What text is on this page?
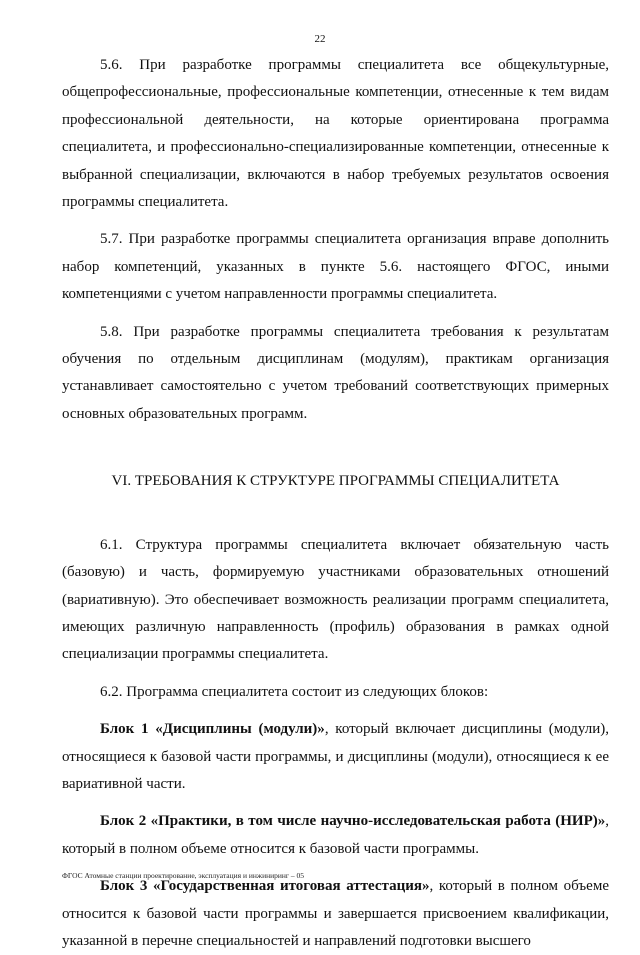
22

5.6. При разработке программы специалитета все общекультурные, общепрофессиональные, профессиональные компетенции, отнесенные к тем видам профессиональной деятельности, на которые ориентирована программа специалитета, и профессионально-специализированные компетенции, отнесенные к выбранной специализации, включаются в набор требуемых результатов освоения программы специалитета.

5.7. При разработке программы специалитета организация вправе дополнить набор компетенций, указанных в пункте 5.6. настоящего ФГОС, иными компетенциями с учетом направленности программы специалитета.

5.8. При разработке программы специалитета требования к результатам обучения по отдельным дисциплинам (модулям), практикам организация устанавливает самостоятельно с учетом требований соответствующих примерных основных образовательных программ.

VI. ТРЕБОВАНИЯ К СТРУКТУРЕ ПРОГРАММЫ СПЕЦИАЛИТЕТА

6.1. Структура программы специалитета включает обязательную часть (базовую) и часть, формируемую участниками образовательных отношений (вариативную). Это обеспечивает возможность реализации программ специалитета, имеющих различную направленность (профиль) образования в рамках одной специализации программы специалитета.

6.2. Программа специалитета состоит из следующих блоков:

Блок 1 «Дисциплины (модули)», который включает дисциплины (модули), относящиеся к базовой части программы, и дисциплины (модули), относящиеся к ее вариативной части.

Блок 2 «Практики, в том числе научно-исследовательская работа (НИР)», который в полном объеме относится к базовой части программы.

Блок 3 «Государственная итоговая аттестация», который в полном объеме относится к базовой части программы и завершается присвоением квалификации, указанной в перечне специальностей и направлений подготовки высшего

ФГОС Атомные станции проектирование, эксплуатация и инжиниринг – 05
